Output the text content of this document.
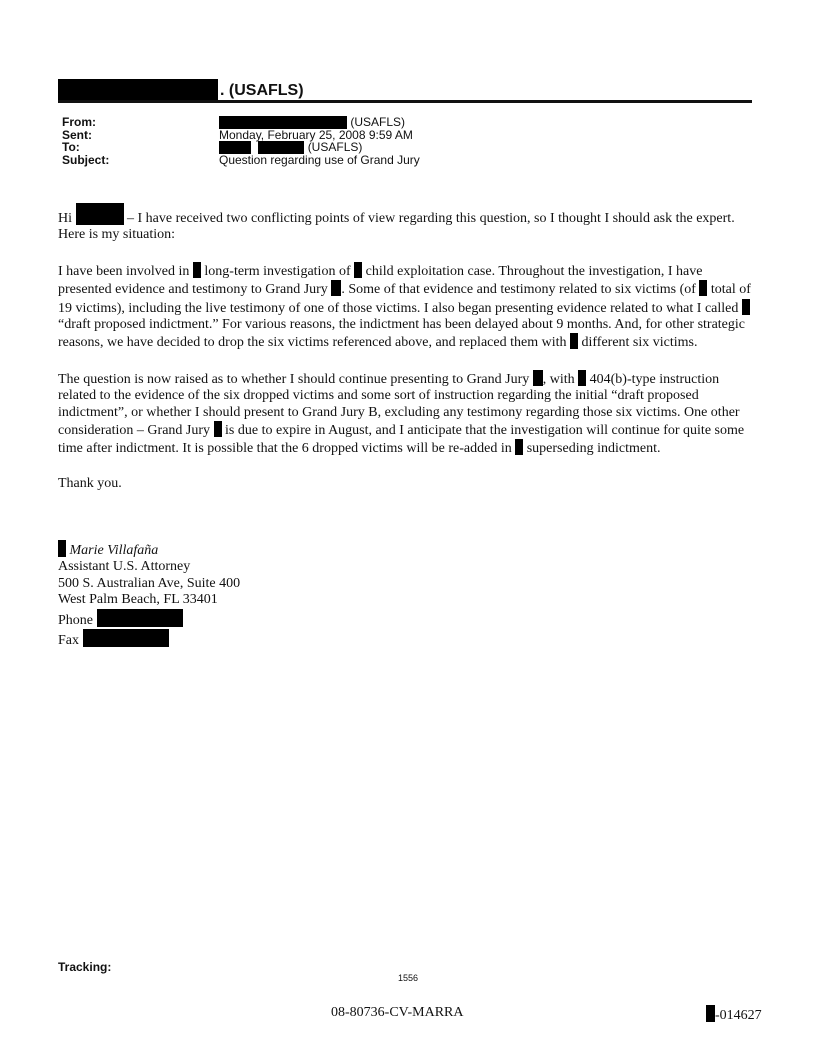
. (USAFLS)
From:	(USAFLS)
Sent:	Monday, February 25, 2008 9:59 AM
To:	(USAFLS)
Subject:	Question regarding use of Grand Jury

Hi	– I have received two conflicting points of view regarding this question, so I thought I should ask the expert. Here is my situation:

I have been involved in long-term investigation of child exploitation case. Throughout the investigation, I have presented evidence and testimony to Grand Jury . Some of that evidence and testimony related to six victims (of total of 19 victims), including the live testimony of one of those victims. I also began presenting evidence related to what I called  “draft proposed indictment.” For various reasons, the indictment has been delayed about 9 months. And, for other strategic reasons, we have decided to drop the six victims referenced above, and replaced them with different six victims.

The question is now raised as to whether I should continue presenting to Grand Jury , with 404(b)-type instruction related to the evidence of the six dropped victims and some sort of instruction regarding the initial “draft proposed indictment”, or whether I should present to Grand Jury B, excluding any testimony regarding those six victims. One other consideration – Grand Jury is due to expire in August, and I anticipate that the investigation will continue for quite some time after indictment. It is possible that the 6 dropped victims will be re-added in superseding indictment.

Thank you.

Marie Villafaña
Assistant U.S. Attorney
500 S. Australian Ave, Suite 400
West Palm Beach, FL 33401
Phone
Fax
Tracking:
1556
08-80736-CV-MARRA	-014627
